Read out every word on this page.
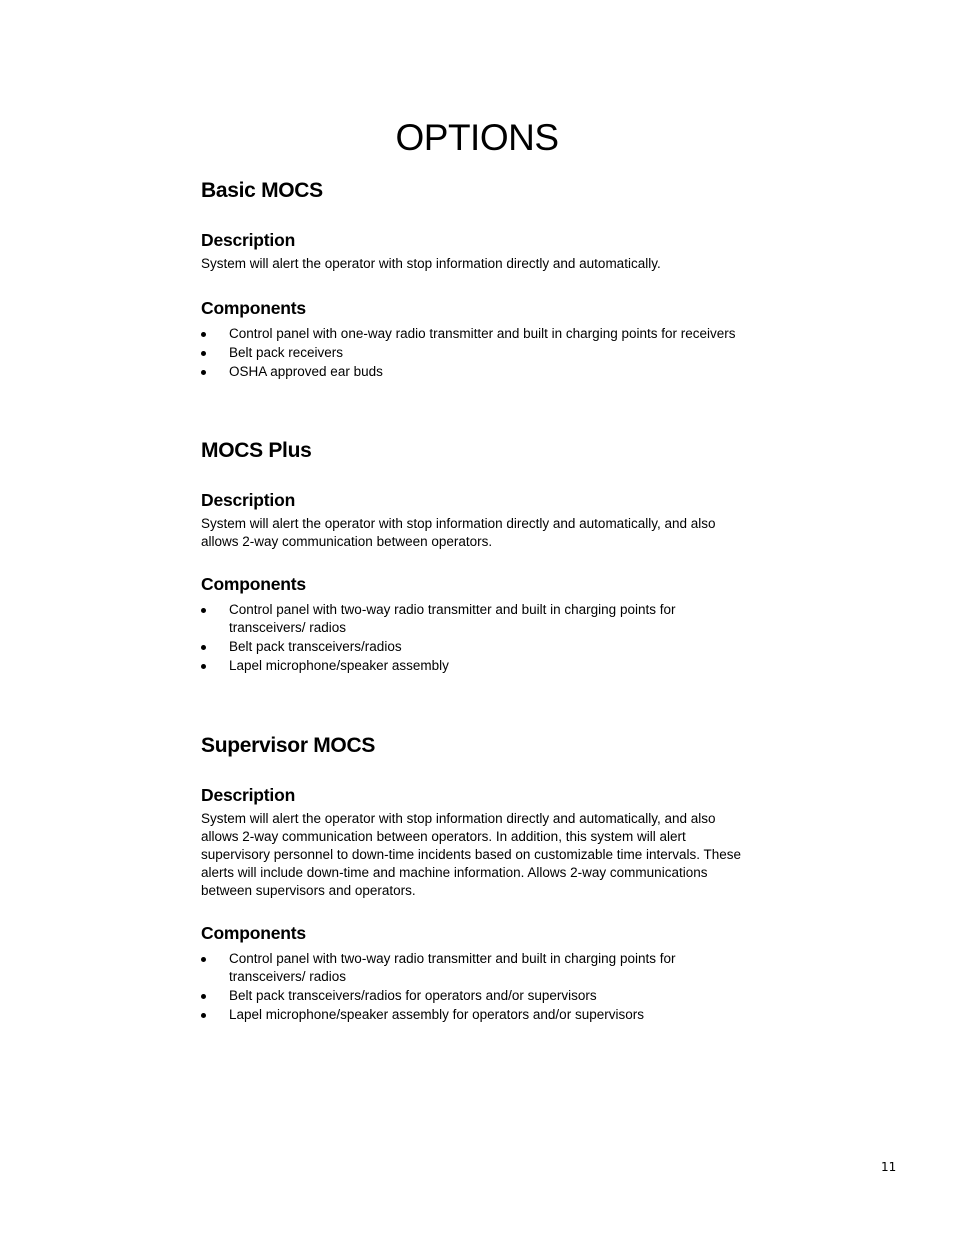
OPTIONS
Basic MOCS
Description

System will alert the operator with stop information directly and automatically.

Components
Control panel with one-way radio transmitter and built in charging points for receivers
Belt pack receivers
OSHA approved ear buds
MOCS Plus
Description

System will alert the operator with stop information directly and automatically, and also allows 2-way communication between operators.

Components
Control panel with two-way radio transmitter and built in charging points for transceivers/ radios
Belt pack transceivers/radios
Lapel microphone/speaker assembly
Supervisor MOCS
Description

System will alert the operator with stop information directly and automatically, and also allows 2-way communication between operators. In addition, this system will alert supervisory personnel to down-time incidents based on customizable time intervals. These alerts will include down-time and machine information. Allows 2-way communications between supervisors and operators.

Components
Control panel with two-way radio transmitter and built in charging points for transceivers/ radios
Belt pack transceivers/radios for operators and/or supervisors
Lapel microphone/speaker assembly for operators and/or supervisors
11
